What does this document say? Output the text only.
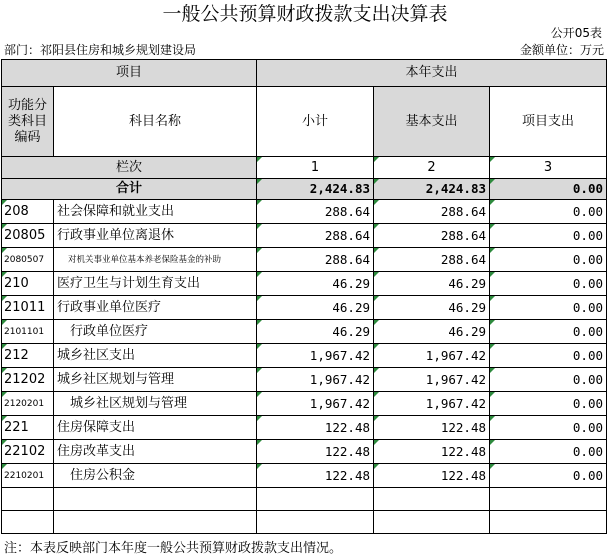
一般公共预算财政拨款支出决算表
公开05表
部门：祁阳县住房和城乡规划建设局	金额单位：万元
项目		本年支出		
功能分类科目编码	科目名称	小计	基本支出	项目支出
栏次		1	2	3
合计		2,424.83	2,424.83	0.00
208	社会保障和就业支出	288.64	288.64	0.00
20805	行政事业单位离退休	288.64	288.64	0.00
2080507	对机关事业单位基本养老保险基金的补助	288.64	288.64	0.00
210	医疗卫生与计划生育支出	46.29	46.29	0.00
21011	行政事业单位医疗	46.29	46.29	0.00
2101101	行政单位医疗	46.29	46.29	0.00
212	城乡社区支出	1,967.42	1,967.42	0.00
21202	城乡社区规划与管理	1,967.42	1,967.42	0.00
2120201	城乡社区规划与管理	1,967.42	1,967.42	0.00
221	住房保障支出	122.48	122.48	0.00
22102	住房改革支出	122.48	122.48	0.00
2210201	住房公积金	122.48	122.48	0.00

注：本表反映部门本年度一般公共预算财政拨款支出情况。
